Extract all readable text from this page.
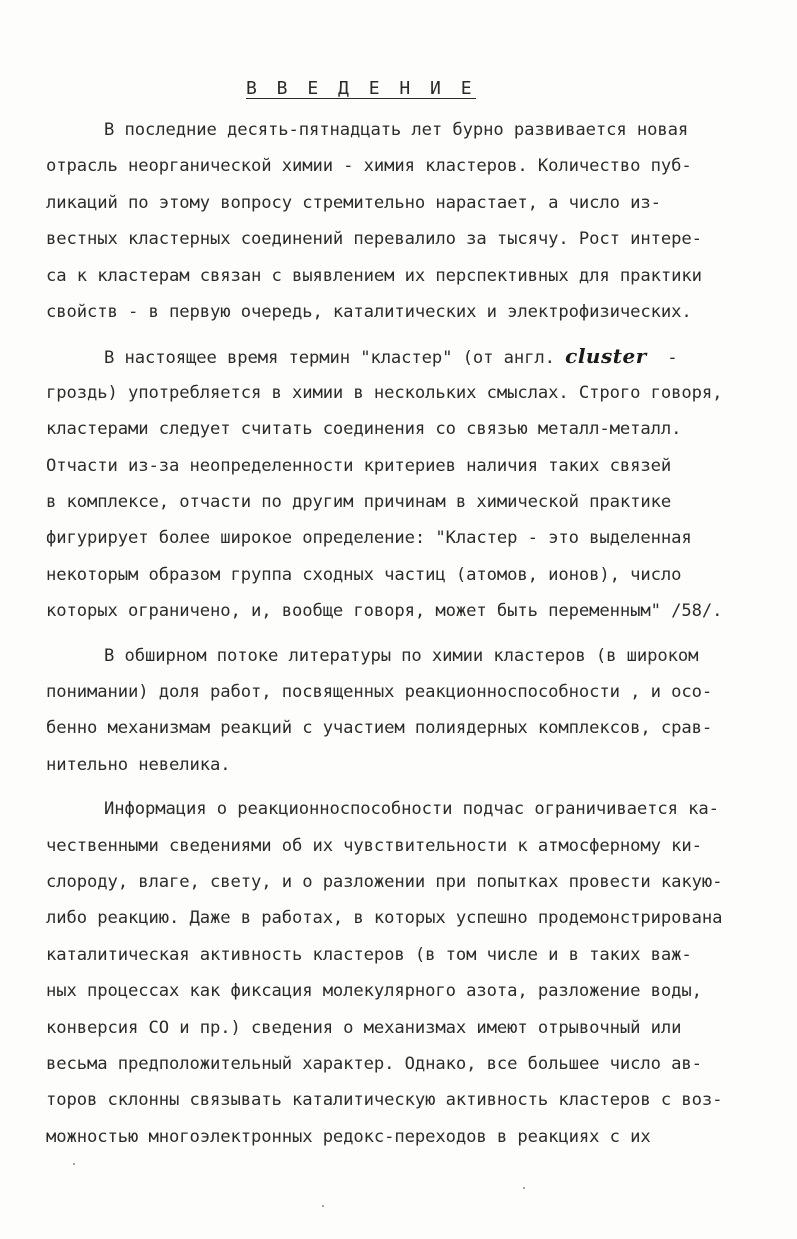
В В Е Д Е Н И Е
В последние десять-пятнадцать лет бурно развивается новая
отрасль неорганической химии - химия кластеров. Количество пуб-
ликаций по этому вопросу стремительно нарастает, а число из-
вестных кластерных соединений перевалило за тысячу. Рост интере-
са к кластерам связан с выявлением их перспективных для практики
свойств - в первую очередь, каталитических и электрофизических.
В настоящее время термин "кластер" (от англ. cluster  -
гроздь) употребляется в химии в нескольких смыслах. Строго говоря,
кластерами следует считать соединения со связью металл-металл.
Отчасти из-за неопределенности критериев наличия таких связей
в комплексе, отчасти по другим причинам в химической практике
фигурирует более широкое определение: "Кластер - это выделенная
некоторым образом группа сходных частиц (атомов, ионов), число
которых ограничено, и, вообще говоря, может быть переменным" /58/.
В обширном потоке литературы по химии кластеров (в широком
понимании) доля работ, посвященных реакционноспособности , и осо-
бенно механизмам реакций с участием полиядерных комплексов, срав-
нительно невелика.
Информация о реакционноспособности подчас ограничивается ка-
чественными сведениями об их чувствительности к атмосферному ки-
слороду, влаге, свету, и о разложении при попытках провести какую-
либо реакцию. Даже в работах, в которых успешно продемонстрирована
каталитическая активность кластеров (в том числе и в таких важ-
ных процессах как фиксация молекулярного азота, разложение воды,
конверсия CO и пр.) сведения о механизмах имеют отрывочный или
весьма предположительный характер. Однако, все большее число ав-
торов склонны связывать каталитическую активность кластеров с воз-
можностью многоэлектронных редокс-переходов в реакциях с их
